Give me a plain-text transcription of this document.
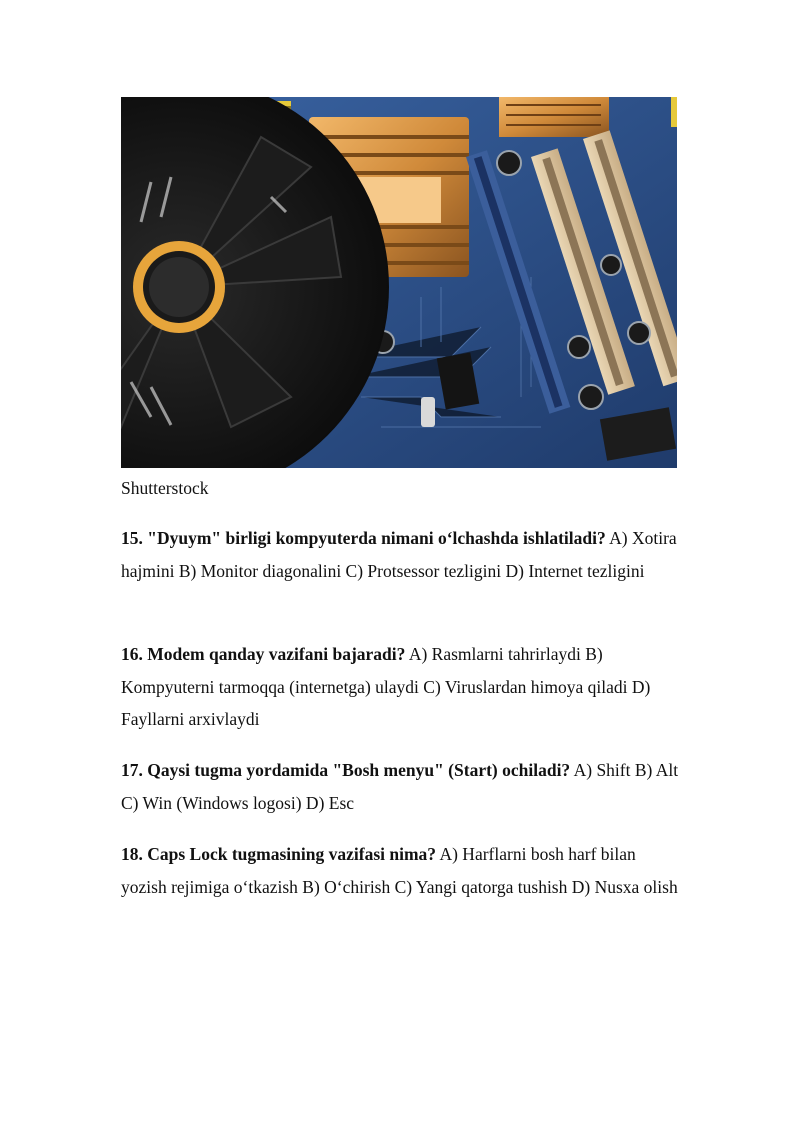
Shutterstock

15. "Dyuym" birligi kompyuterda nimani o‘lchashda ishlatiladi? A) Xotira hajmini B) Monitor diagonalini C) Protsessor tezligini D) Internet tezligini

16. Modem qanday vazifani bajaradi? A) Rasmlarni tahrirlaydi B) Kompyuterni tarmoqqa (internetga) ulaydi C) Viruslardan himoya qiladi D) Fayllarni arxivlaydi

17. Qaysi tugma yordamida "Bosh menyu" (Start) ochiladi? A) Shift B) Alt C) Win (Windows logosi) D) Esc

18. Caps Lock tugmasining vazifasi nima? A) Harflarni bosh harf bilan yozish rejimiga o‘tkazish B) O‘chirish C) Yangi qatorga tushish D) Nusxa olish
